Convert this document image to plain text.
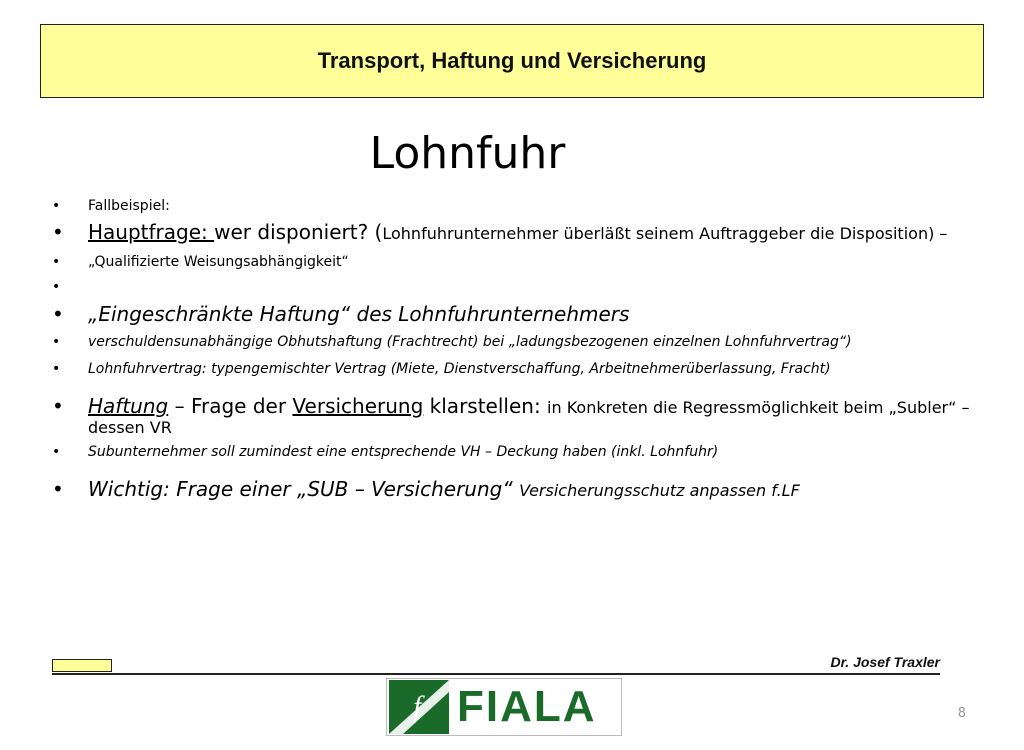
Transport, Haftung und Versicherung
Lohnfuhr
• Fallbeispiel:
• Hauptfrage: wer disponiert? (Lohnfuhrunternehmer überläßt seinem Auftraggeber die Disposition) –
• „Qualifizierte Weisungsabhängigkeit“
•
• „Eingeschränkte Haftung“ des Lohnfuhrunternehmers
• verschuldensunabhängige Obhutshaftung (Frachtrecht) bei „ladungsbezogenen einzelnen Lohnfuhrvertrag“)
• Lohnfuhrvertrag: typengemischter Vertrag (Miete, Dienstverschaffung, Arbeitnehmerüberlassung, Fracht)
• Haftung – Frage der Versicherung klarstellen: in Konkreten die Regressmöglichkeit beim „Subler“ – dessen VR
• Subunternehmer soll zumindest eine entsprechende VH – Deckung haben (inkl. Lohnfuhr)
• Wichtig: Frage einer „SUB – Versicherung“ Versicherungsschutz anpassen f.LF
Dr. Josef Traxler
f FIALA	8
